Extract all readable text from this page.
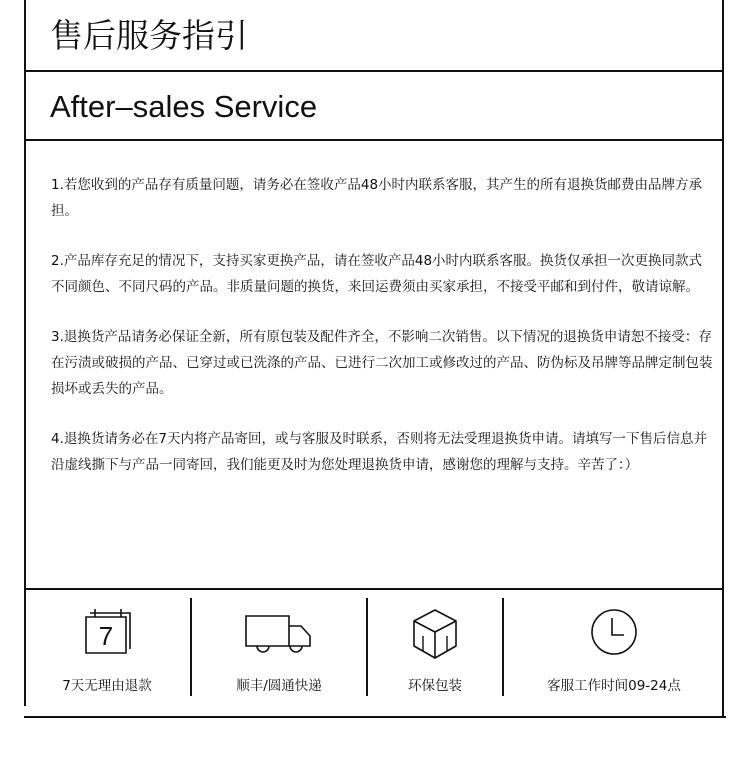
售后服务指引
After–sales Service

1.若您收到的产品存有质量问题，请务必在签收产品48小时内联系客服，其产生的所有退换货邮费由品牌方承担。

2.产品库存充足的情况下，支持买家更换产品，请在签收产品48小时内联系客服。换货仅承担一次更换同款式不同颜色、不同尺码的产品。非质量问题的换货，来回运费须由买家承担，不接受平邮和到付件，敬请谅解。

3.退换货产品请务必保证全新，所有原包装及配件齐全，不影响二次销售。以下情况的退换货申请恕不接受：存在污渍或破损的产品、已穿过或已洗涤的产品、已进行二次加工或修改过的产品、防伪标及吊牌等品牌定制包装损坏或丢失的产品。

4.退换货请务必在7天内将产品寄回，或与客服及时联系，否则将无法受理退换货申请。请填写一下售后信息并沿虚线撕下与产品一同寄回，我们能更及时为您处理退换货申请，感谢您的理解与支持。辛苦了：）

7
7天无理由退款	顺丰/圆通快递	环保包装	客服工作时间09-24点
